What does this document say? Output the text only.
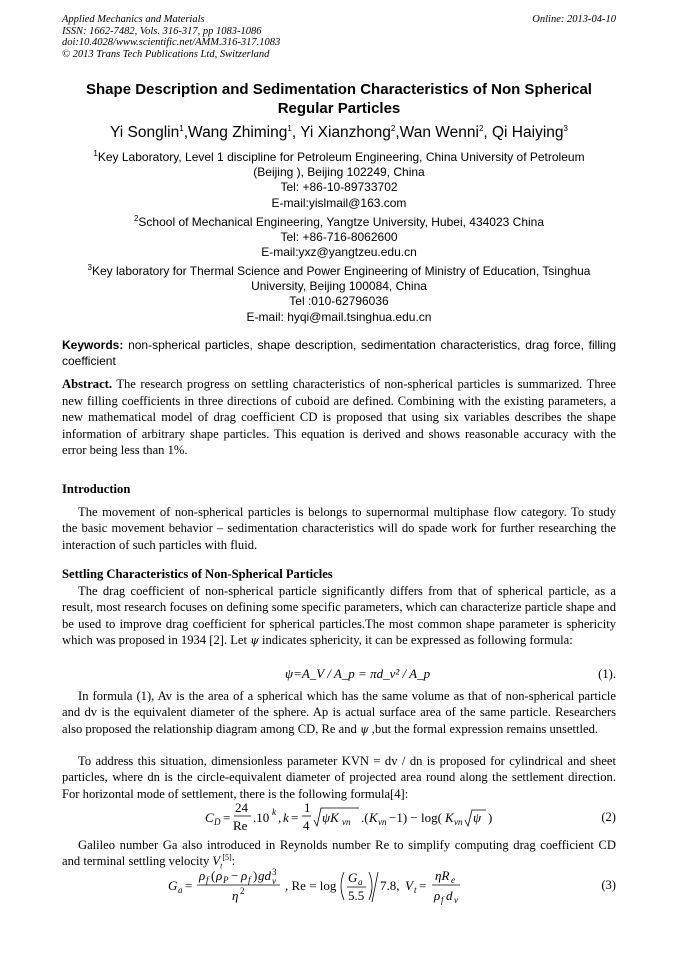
Applied Mechanics and Materials
ISSN: 1662-7482, Vols. 316-317, pp 1083-1086
doi:10.4028/www.scientific.net/AMM.316-317.1083
© 2013 Trans Tech Publications Ltd, Switzerland
Online: 2013-04-10
Shape Description and Sedimentation Characteristics of Non Spherical
Regular Particles
Yi Songlin$^1$,Wang Zhiming$^1$, Yi Xianzhong$^2$,Wan Wenni$^2$, Qi Haiying$^3$
$^1$Key Laboratory, Level 1 discipline for Petroleum Engineering, China University of Petroleum
(Beijing ), Beijing 102249, China
Tel: +86-10-89733702
E-mail:yislmail@163.com
$^2$School of Mechanical Engineering, Yangtze University, Hubei, 434023 China
Tel: +86-716-8062600
E-mail:yxz@yangtzeu.edu.cn
$^3$Key laboratory for Thermal Science and Power Engineering of Ministry of Education, Tsinghua
University, Beijing 100084, China
Tel :010-62796036
E-mail: hyqi@mail.tsinghua.edu.cn
Keywords: non-spherical particles, shape description, sedimentation characteristics, drag force, filling coefficient
Abstract. The research progress on settling characteristics of non-spherical particles is summarized. Three new filling coefficients in three directions of cuboid are defined. Combining with the existing parameters, a new mathematical model of drag coefficient CD is proposed that using six variables describes the shape information of arbitrary shape particles. This equation is derived and shows reasonable accuracy with the error being less than 1%.
Introduction
The movement of non-spherical particles is belongs to supernormal multiphase flow category. To study the basic movement behavior – sedimentation characteristics will do spade work for further researching the interaction of such particles with fluid.
Settling Characteristics of Non-Spherical Particles
The drag coefficient of non-spherical particle significantly differs from that of spherical particle, as a result, most research focuses on defining some specific parameters, which can characterize particle shape and be used to improve drag coefficient for spherical particles.The most common shape parameter is sphericity which was proposed in 1934 [2]. Let ψ indicates sphericity, it can be expressed as following formula:
ψ=A_V / A_p = πd_v² / A_p	(1).
In formula (1), Av is the area of a spherical which has the same volume as that of non-spherical particle and dv is the equivalent diameter of the sphere. Ap is actual surface area of the same particle. Researchers also proposed the relationship diagram among CD, Re and ψ ,but the formal expression remains unsettled.
To address this situation, dimensionless parameter KVN = dv / dn is proposed for cylindrical and sheet particles, where dn is the circle-equivalent diameter of projected area round along the settlement direction. For horizontal mode of settlement, there is the following formula[4]:
C D =
24
Re
.10 k , k =
1
4
ψK vn .( K vn −1) − log( K vn ψ )	(2)
Galileo number Ga also introduced in Reynolds number Re to simplify computing drag coefficient CD and terminal settling velocity $V_t[5]$:
G a =
ρ f ( ρ P − ρ f ) gd 3
v
η 2	, Re = log
G a
5.5
7.8, V t =
ηR e
ρ f d v
(3)
